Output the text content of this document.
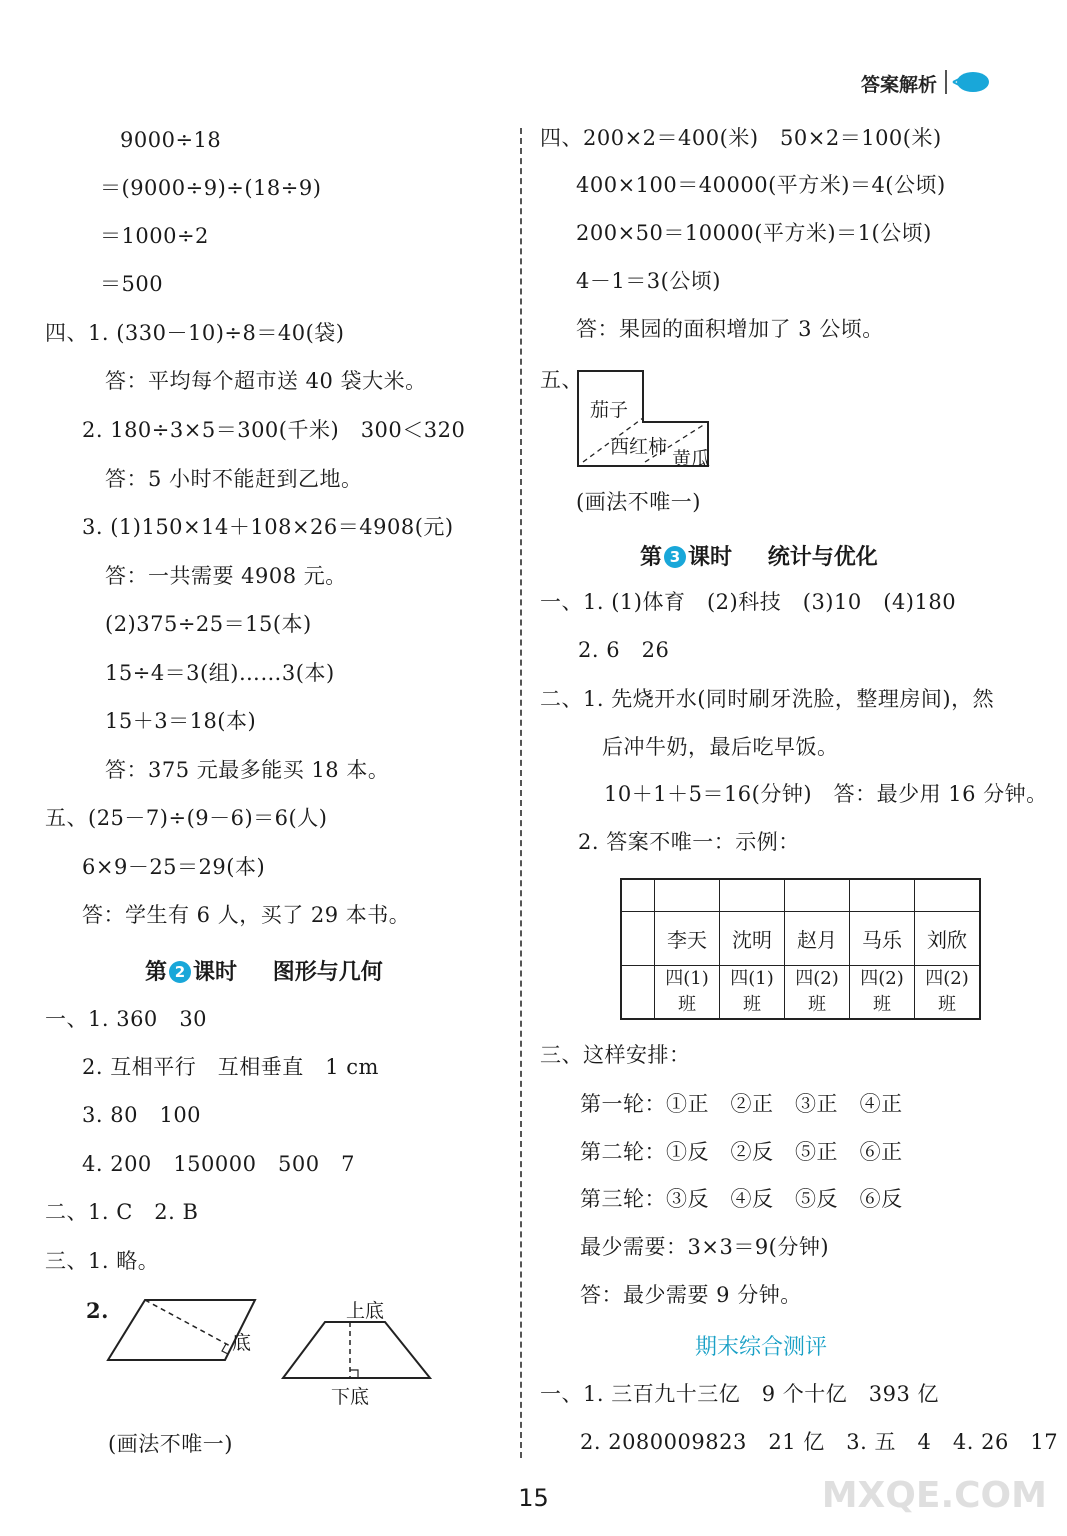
答案解析
9000÷18
＝(9000÷9)÷(18÷9)
＝1000÷2
＝500
四、1. (330－10)÷8＝40(袋)
答：平均每个超市送 40 袋大米。
2. 180÷3×5＝300(千米)   300＜320
答：5 小时不能赶到乙地。
3. (1)150×14＋108×26＝4908(元)
答：一共需要 4908 元。
(2)375÷25＝15(本)
15÷4＝3(组)……3(本)
15＋3＝18(本)
答：375 元最多能买 18 本。
五、(25－7)÷(9－6)＝6(人)
6×9－25＝29(本)
答：学生有 6 人，买了 29 本书。
第 2 课时 图形与几何
一、1. 360   30
2. 互相平行   互相垂直   1 cm
3. 80   100
4. 200   150000   500   7
二、1. C   2. B
三、1. 略。
2.
底
上底
下底
(画法不唯一)
四、200×2＝400(米)   50×2＝100(米)
400×100＝40000(平方米)＝4(公顷)
200×50＝10000(平方米)＝1(公顷)
4－1＝3(公顷)
答：果园的面积增加了 3 公顷。
五、
茄子
西红柿
黄瓜
(画法不唯一)
第 3 课时 统计与优化
一、1. (1)体育   (2)科技   (3)10   (4)180
2. 6   26
二、1. 先烧开水(同时刷牙洗脸，整理房间)，然
后冲牛奶，最后吃早饭。
10＋1＋5＝16(分钟)   答：最少用 16 分钟。
2. 答案不唯一：示例：

	李天	沈明	赵月	马乐	刘欣
	四(1)班	四(1)班	四(2)班	四(2)班	四(2)班
三、这样安排：
第一轮：①正   ②正   ③正   ④正
第二轮：①反   ②反   ⑤正   ⑥正
第三轮：③反   ④反   ⑤反   ⑥反
最少需要：3×3＝9(分钟)
答：最少需要 9 分钟。
期末综合测评
一、1. 三百九十三亿   9 个十亿   393 亿
2. 2080009823   21 亿   3. 五   4   4. 26   17
15	MXQE.COM
